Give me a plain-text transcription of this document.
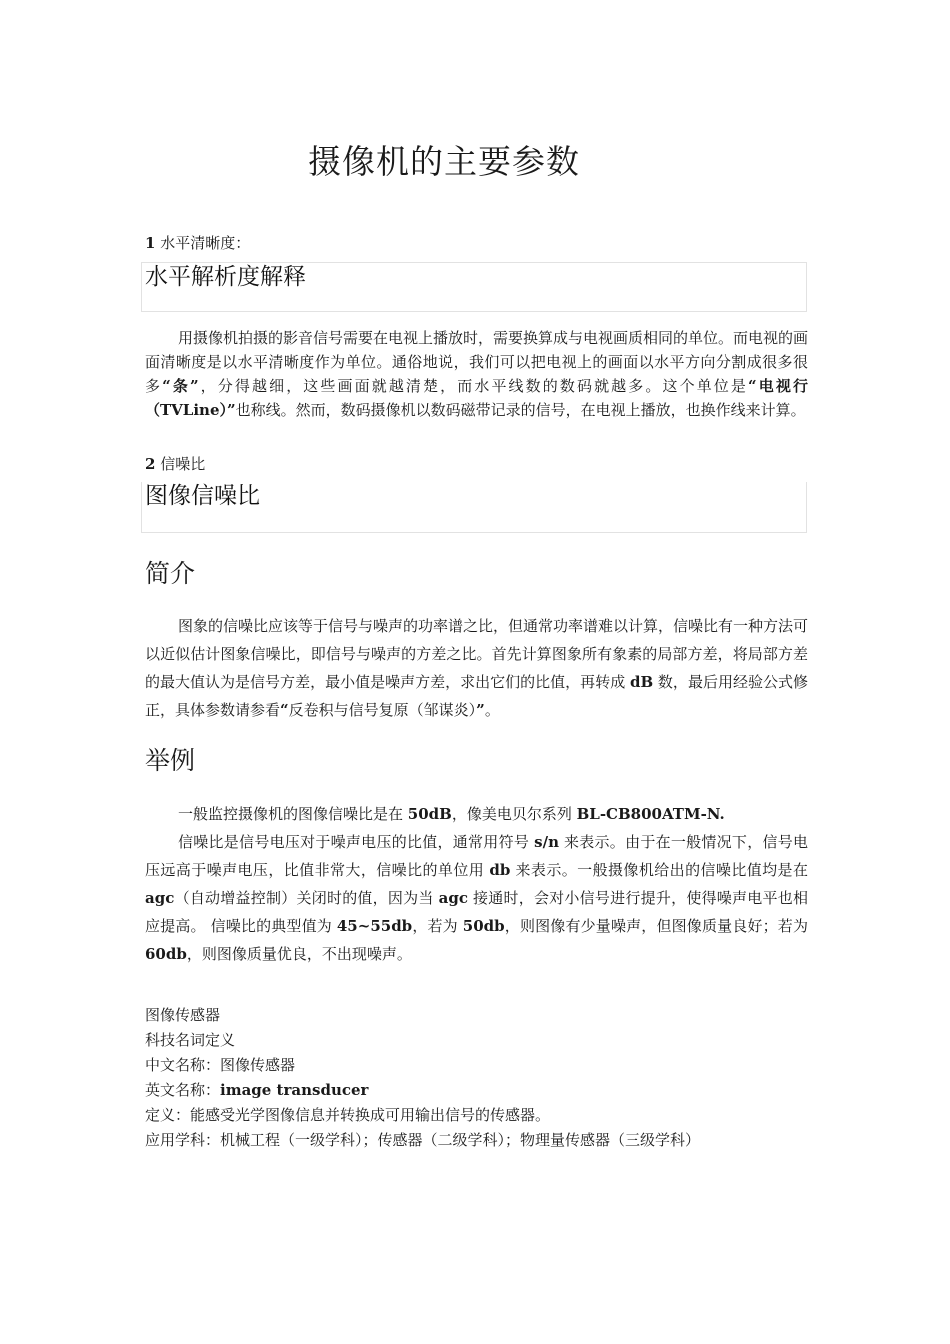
摄像机的主要参数
1 水平清晰度：
水平解析度解释
用摄像机拍摄的影音信号需要在电视上播放时，需要换算成与电视画质相同的单位。而电视的画面清晰度是以水平清晰度作为单位。通俗地说，我们可以把电视上的画面以水平方向分割成很多很多“条”，分得越细，这些画面就越清楚，而水平线数的数码就越多。这个单位是“电视行（TVLine）”也称线。然而，数码摄像机以数码磁带记录的信号，在电视上播放，也换作线来计算。
2 信噪比
图像信噪比
简介
图象的信噪比应该等于信号与噪声的功率谱之比，但通常功率谱难以计算，信噪比有一种方法可以近似估计图象信噪比，即信号与噪声的方差之比。首先计算图象所有象素的局部方差，将局部方差的最大值认为是信号方差，最小值是噪声方差，求出它们的比值，再转成 dB 数，最后用经验公式修正，具体参数请参看“反卷积与信号复原（邹谋炎）”。
举例
一般监控摄像机的图像信噪比是在 50dB，像美电贝尔系列 BL-CB800ATM-N.
信噪比是信号电压对于噪声电压的比值，通常用符号 s/n 来表示。由于在一般情况下，信号电压远高于噪声电压，比值非常大，信噪比的单位用 db 来表示。一般摄像机给出的信噪比值均是在 agc（自动增益控制）关闭时的值，因为当 agc 接通时，会对小信号进行提升，使得噪声电平也相应提高。 信噪比的典型值为 45~55db，若为 50db，则图像有少量噪声，但图像质量良好；若为 60db，则图像质量优良，不出现噪声。
图像传感器
科技名词定义
中文名称：图像传感器
英文名称：image transducer
定义：能感受光学图像信息并转换成可用输出信号的传感器。
应用学科：机械工程（一级学科）；传感器（二级学科）；物理量传感器（三级学科）
